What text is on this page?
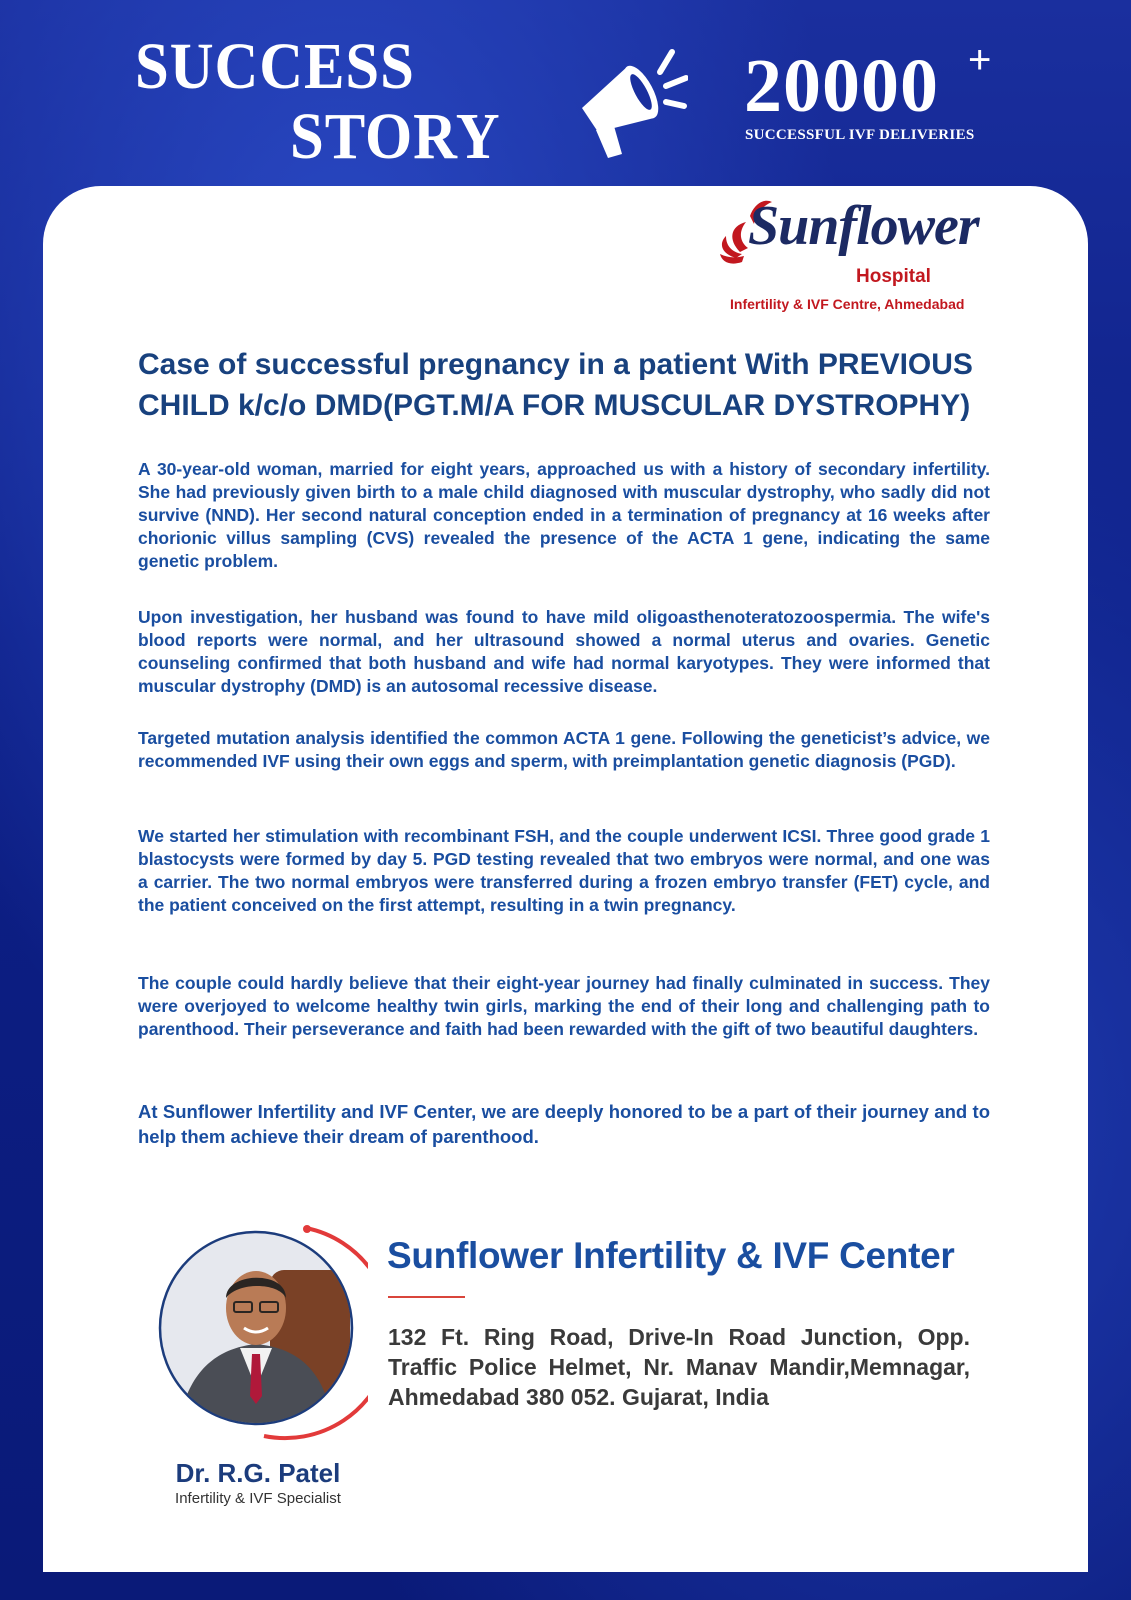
SUCCESS
STORY
20000 +
SUCCESSFUL IVF DELIVERIES
Sunflower
Hospital
Infertility & IVF Centre, Ahmedabad
Case of successful pregnancy in a patient With PREVIOUS CHILD k/c/o DMD(PGT.M/A FOR MUSCULAR DYSTROPHY)

A 30-year-old woman, married for eight years, approached us with a history of secondary infertility. She had previously given birth to a male child diagnosed with muscular dystrophy, who sadly did not survive (NND). Her second natural conception ended in a termination of pregnancy at 16 weeks after chorionic villus sampling (CVS) revealed the presence of the ACTA 1 gene, indicating the same genetic problem.

Upon investigation, her husband was found to have mild oligoasthenoteratozoospermia. The wife's blood reports were normal, and her ultrasound showed a normal uterus and ovaries. Genetic counseling confirmed that both husband and wife had normal karyotypes. They were informed that muscular dystrophy (DMD) is an autosomal recessive disease.

Targeted mutation analysis identified the common ACTA 1 gene. Following the geneticist’s advice, we recommended IVF using their own eggs and sperm, with preimplantation genetic diagnosis (PGD).

We started her stimulation with recombinant FSH, and the couple underwent ICSI. Three good grade 1 blastocysts were formed by day 5. PGD testing revealed that two embryos were normal, and one was a carrier. The two normal embryos were transferred during a frozen embryo transfer (FET) cycle, and the patient conceived on the first attempt, resulting in a twin pregnancy.

The couple could hardly believe that their eight-year journey had finally culminated in success. They were overjoyed to welcome healthy twin girls, marking the end of their long and challenging path to parenthood. Their perseverance and faith had been rewarded with the gift of two beautiful daughters.

At Sunflower Infertility and IVF Center, we are deeply honored to be a part of their journey and to help them achieve their dream of parenthood.

Dr. R.G. Patel
Infertility & IVF Specialist
Sunflower Infertility & IVF Center

132 Ft. Ring Road, Drive-In Road Junction, Opp. Traffic Police Helmet, Nr. Manav Mandir,Memnagar, Ahmedabad 380 052. Gujarat, India
